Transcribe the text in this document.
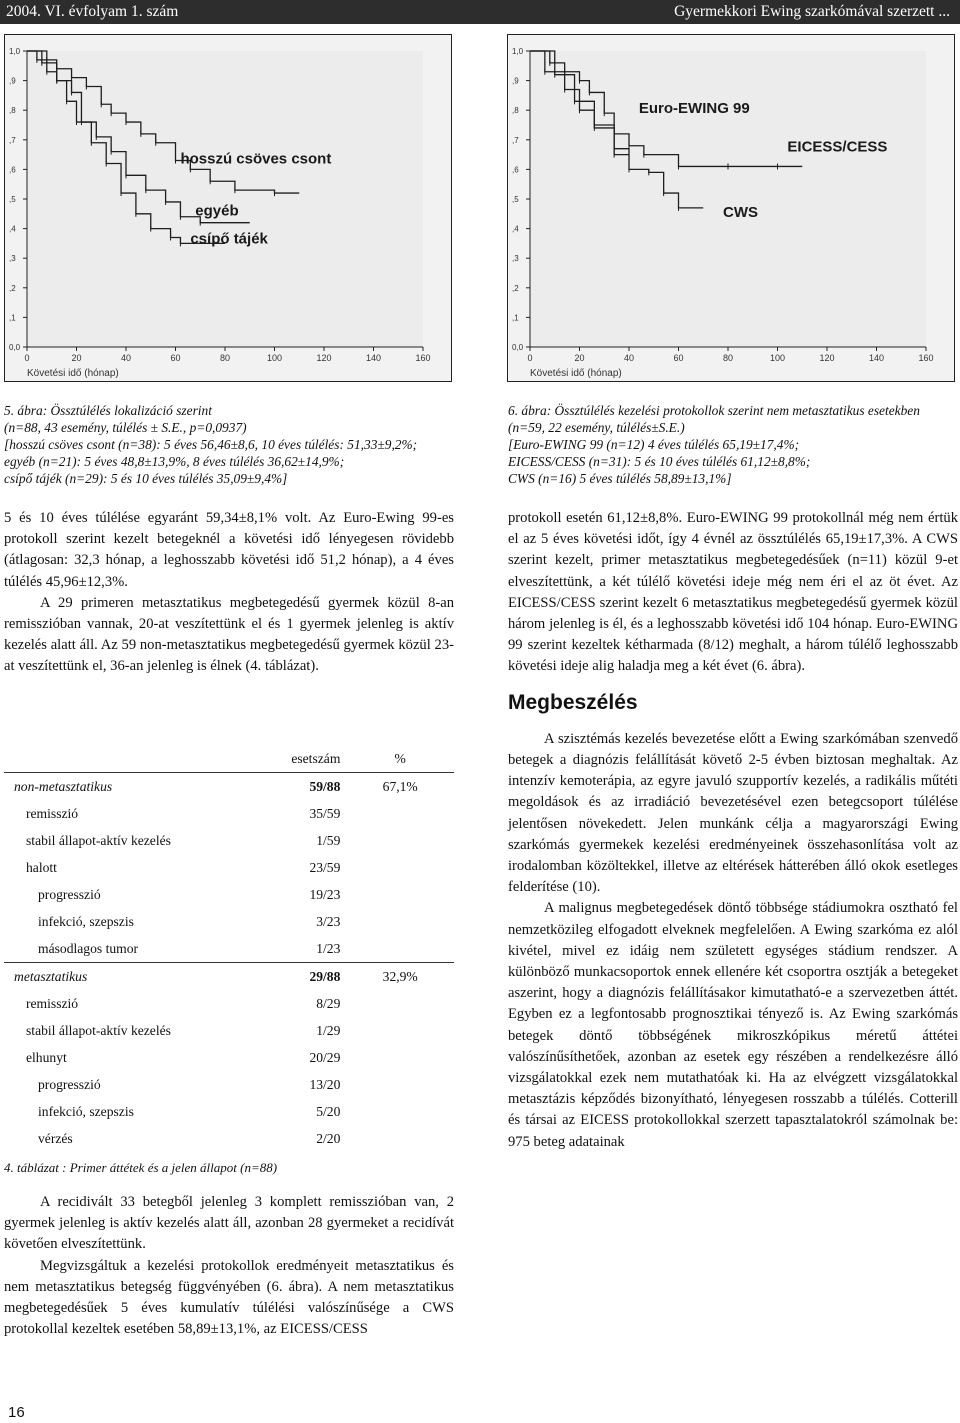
2004. VI. évfolyam 1. szám	Gyermekkori Ewing szarkómával szerzett ...
0,0
,1
,2
,3
,4
,5
,6
,7
,8
,9
1,0
0	20	40	60	80	100	120	140	160
Követési idő (hónap)
hosszú csöves csont
egyéb
csípő tájék
0,0
,1
,2
,3
,4
,5
,6
,7
,8
,9
1,0
0	20	40	60	80	100	120	140	160
Követési idő (hónap)
Euro-EWING 99
EICESS/CESS
CWS
5. ábra: Össztúlélés lokalizáció szerint
(n=88, 43 esemény, túlélés ± S.E., p=0,0937)
[hosszú csöves csont (n=38): 5 éves 56,46±8,6, 10 éves túlélés: 51,33±9,2%;
egyéb (n=21): 5 éves 48,8±13,9%, 8 éves túlélés 36,62±14,9%;
csípő tájék (n=29): 5 és 10 éves túlélés 35,09±9,4%]
6. ábra: Össztúlélés kezelési protokollok szerint nem metasztatikus esetekben
(n=59, 22 esemény, túlélés±S.E.)
[Euro-EWING 99 (n=12) 4 éves túlélés 65,19±17,4%;
EICESS/CESS (n=31): 5 és 10 éves túlélés 61,12±8,8%;
CWS (n=16) 5 éves túlélés 58,89±13,1%]

5 és 10 éves túlélése egyaránt 59,34±8,1% volt. Az Euro-Ewing 99-es protokoll szerint kezelt betegeknél a követési idő lényegesen rövidebb (átlagosan: 32,3 hónap, a leghosszabb követési idő 51,2 hónap), a 4 éves túlélés 45,96±12,3%.

A 29 primeren metasztatikus megbetegedésű gyermek közül 8-an remisszióban vannak, 20-at veszítettünk el és 1 gyermek jelenleg is aktív kezelés alatt áll. Az 59 non-metasztatikus megbetegedésű gyermek közül 23-at veszítettünk el, 36-an jelenleg is élnek (4. táblázat).

	esetszám	%
non-metasztatikus	59/88	67,1%
remisszió	35/59	
stabil állapot-aktív kezelés	1/59	
halott	23/59	
progresszió	19/23	
infekció, szepszis	3/23	
másodlagos tumor	1/23	
metasztatikus	29/88	32,9%
remisszió	8/29	
stabil állapot-aktív kezelés	1/29	
elhunyt	20/29	
progresszió	13/20	
infekció, szepszis	5/20	
vérzés	2/20	
4. táblázat : Primer áttétek és a jelen állapot (n=88)

A recidivált 33 betegből jelenleg 3 komplett remisszióban van, 2 gyermek jelenleg is aktív kezelés alatt áll, azonban 28 gyermeket a recidívát követően elveszítettünk.

Megvizsgáltuk a kezelési protokollok eredményeit metasztatikus és nem metasztatikus betegség függvényében (6. ábra). A nem metasztatikus megbetegedésűek 5 éves kumulatív túlélési valószínűsége a CWS protokollal kezeltek esetében 58,89±13,1%, az EICESS/CESS

protokoll esetén 61,12±8,8%. Euro-EWING 99 protokollnál még nem értük el az 5 éves követési időt, így 4 évnél az össztúlélés 65,19±17,3%. A CWS szerint kezelt, primer metasztatikus megbetegedésűek (n=11) közül 9-et elveszítettünk, a két túlélő követési ideje még nem éri el az öt évet. Az EICESS/CESS szerint kezelt 6 metasztatikus megbetegedésű gyermek közül három jelenleg is él, és a leghosszabb követési idő 104 hónap. Euro-EWING 99 szerint kezeltek kétharmada (8/12) meghalt, a három túlélő leghosszabb követési ideje alig haladja meg a két évet (6. ábra).

Megbeszélés

A szisztémás kezelés bevezetése előtt a Ewing szarkómában szenvedő betegek a diagnózis felállítását követő 2-5 évben biztosan meghaltak. Az intenzív kemoterápia, az egyre javuló szupportív kezelés, a radikális műtéti megoldások és az irradiáció bevezetésével ezen betegcsoport túlélése jelentősen növekedett. Jelen munkánk célja a magyarországi Ewing szarkómás gyermekek kezelési eredményeinek összehasonlítása volt az irodalomban közöltekkel, illetve az eltérések hátterében álló okok esetleges felderítése (10).

A malignus megbetegedések döntő többsége stádiumokra osztható fel nemzetközileg elfogadott elveknek megfelelően. A Ewing szarkóma ez alól kivétel, mivel ez idáig nem született egységes stádium rendszer. A különböző munkacsoportok ennek ellenére két csoportra osztják a betegeket aszerint, hogy a diagnózis felállításakor kimutatható-e a szervezetben áttét. Egyben ez a legfontosabb prognosztikai tényező is. Az Ewing szarkómás betegek döntő többségének mikroszkópikus méretű áttétei valószínűsíthetőek, azonban az esetek egy részében a rendelkezésre álló vizsgálatokkal ezek nem mutathatóak ki. Ha az elvégzett vizsgálatokkal metasztázis képződés bizonyítható, lényegesen rosszabb a túlélés. Cotterill és társai az EICESS protokollokkal szerzett tapasztalatokról számolnak be: 975 beteg adatainak

16
